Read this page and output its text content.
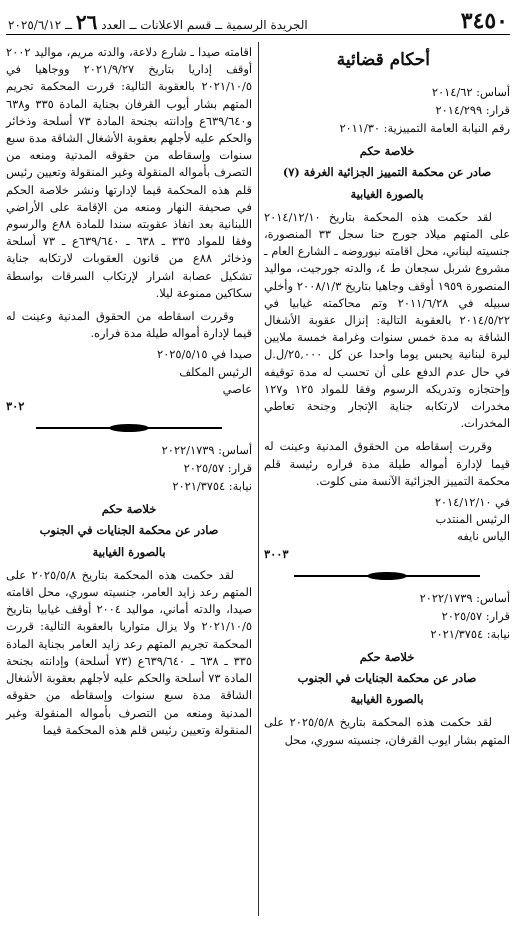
٣٤٥٠
الجريدة الرسمية ــ قسم الاعلانات ــ العدد ٢٦ ــ ٢٠٢٥/٦/١٢
أحكام قضائية

أساس: ٢٠١٤/٦٢

قرار: ٢٠١٤/٢٩٩

رقم النيابة العامة التمييزية: ٢٠١١/٣٠

خلاصة حكم

صادر عن محكمة التمييز الجزائية الغرفة (٧)

بالصورة الغيابية

لقد حكمت هذه المحكمة بتاريخ ٢٠١٤/١٢/١٠ على المتهم ميلاد جورج حنا سجل ٣٣ المنصورة، جنسيته لبناني، محل اقامته نيوروضه ـ الشارع العام ـ مشروع شربل سجعان ط ٤، والدته جورجيت، مواليد المنصورة ١٩٥٩ أوقف وجاهيا بتاريخ ٢٠٠٨/١/٣ وأخلي سبيله في ٢٠١١/٦/٢٨ وتم محاكمته غيابيا في ٢٠١٤/٥/٢٢ بالعقوبة التالية: إنزال عقوبة الأشغال الشاقة به مدة خمس سنوات وغرامة خمسة ملايين ليرة لبنانية يحبس يوما واحدا عن كل ٢٥,٠٠٠/ل.ل في حال عدم الدفع على أن تحسب له مدة توقيفه وإحتجازه وتدريكه الرسوم وفقا للمواد ١٢٥ و١٢٧ مخدرات لارتكابه جناية الإتجار وجنحة تعاطي المخدرات.

وقررت إسقاطه من الحقوق المدنية وعينت له قيما لإدارة أمواله طيلة مدة فراره رئيسة قلم محكمة التمييز الجزائية الآنسة منى كلوت.

في ٢٠١٤/١٢/١٠

الرئيس المنتدب

الياس نايفه

٣٠٠٣

أساس: ٢٠٢٢/١٧٣٩

قرار: ٢٠٢٥/٥٧

نيابة: ٢٠٢١/٣٧٥٤

خلاصة حكم

صادر عن محكمة الجنايات في الجنوب

بالصورة الغيابية

لقد حكمت هذه المحكمة بتاريخ ٢٠٢٥/٥/٨ على المتهم بشار ايوب القرفان، جنسيته سوري، محل

اقامته صيدا ـ شارع دلاعة، والدته مريم، مواليد ٢٠٠٢ أوقف إداريا بتاريخ ٢٠٢١/٩/٢٧ ووجاهيا في ٢٠٢١/١٠/٥ بالعقوبة التالية: قررت المحكمة تجريم المتهم بشار أيوب القرفان بجناية المادة ٣٣٥ و٦٣٨ و٦٣٩/٦٤٠ع وإدانته بجنحة المادة ٧٣ أسلحة وذخائر والحكم عليه لأجلهم بعقوبة الأشغال الشاقة مدة سبع سنوات وإسقاطه من حقوقه المدنية ومنعه من التصرف بأمواله المنقولة وغير المنقولة وتعيين رئيس قلم هذه المحكمة قيما لإدارتها ونشر خلاصة الحكم في صحيفة النهار ومنعه من الإقامة على الأراضي اللبنانية بعد انفاذ عقوبته سندا للمادة ٨٨ع والرسوم وفقا للمواد ٣٣٥ ـ ٦٣٨ ـ ٦٣٩/٦٤٠ع ـ ٧٣ أسلحة وذخائر ٨٨ع من قانون العقوبات لارتكابه جناية تشكيل عصابة اشرار لإرتكاب السرقات بواسطة سكاكين ممنوعة ليلا.

وقررت اسقاطه من الحقوق المدنية وعينت له قيما لإدارة أمواله طيلة مدة فراره.

صيدا في ٢٠٢٥/٥/١٥

الرئيس المكلف

عاصي

٣٠٢

أساس: ٢٠٢٢/١٧٣٩

قرار: ٢٠٢٥/٥٧

نيابة: ٢٠٢١/٣٧٥٤

خلاصة حكم

صادر عن محكمة الجنايات في الجنوب

بالصورة الغيابية

لقد حكمت هذه المحكمة بتاريخ ٢٠٢٥/٥/٨ على المتهم رعد زايد العامر، جنسيته سوري، محل اقامته صيدا، والدته أماني، مواليد ٢٠٠٤ أوقف غيابيا بتاريخ ٢٠٢١/١٠/٥ ولا يزال متواريا بالعقوبة التالية: قررت المحكمة تجريم المتهم رعد زايد العامر بجناية المادة ٣٣٥ ـ ٦٣٨ ـ ٦٣٩/٦٤٠ع (٧٣ أسلحة) وإدانته بجنحة المادة ٧٣ أسلحة والحكم عليه لأجلهم بعقوبة الأشغال الشاقة مدة سبع سنوات وإسقاطه من حقوقه المدنية ومنعه من التصرف بأمواله المنقولة وغير المنقولة وتعيين رئيس قلم هذه المحكمة قيما
